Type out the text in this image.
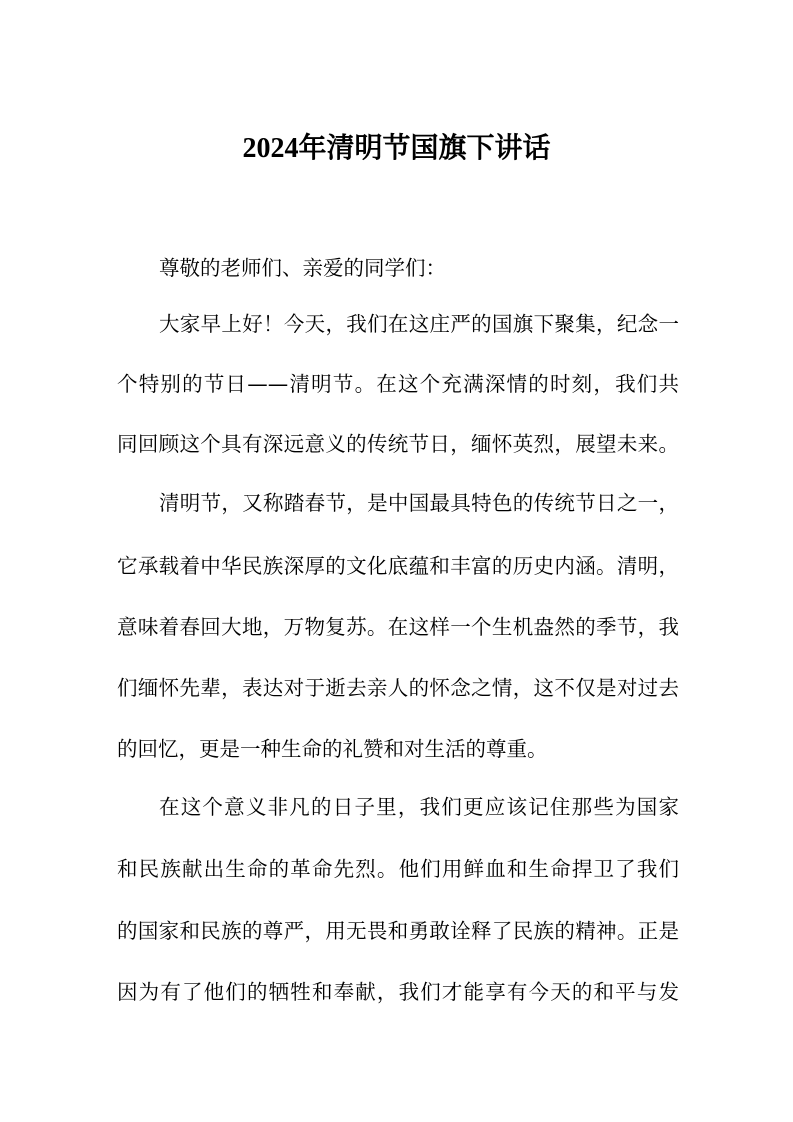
2024年清明节国旗下讲话
尊敬的老师们、亲爱的同学们：
大家早上好！今天，我们在这庄严的国旗下聚集，纪念一
个特别的节日——清明节。在这个充满深情的时刻，我们共
同回顾这个具有深远意义的传统节日，缅怀英烈，展望未来。
清明节，又称踏春节，是中国最具特色的传统节日之一，
它承载着中华民族深厚的文化底蕴和丰富的历史内涵。清明，
意味着春回大地，万物复苏。在这样一个生机盎然的季节，我
们缅怀先辈，表达对于逝去亲人的怀念之情，这不仅是对过去
的回忆，更是一种生命的礼赞和对生活的尊重。
在这个意义非凡的日子里，我们更应该记住那些为国家
和民族献出生命的革命先烈。他们用鲜血和生命捍卫了我们
的国家和民族的尊严，用无畏和勇敢诠释了民族的精神。正是
因为有了他们的牺牲和奉献，我们才能享有今天的和平与发
